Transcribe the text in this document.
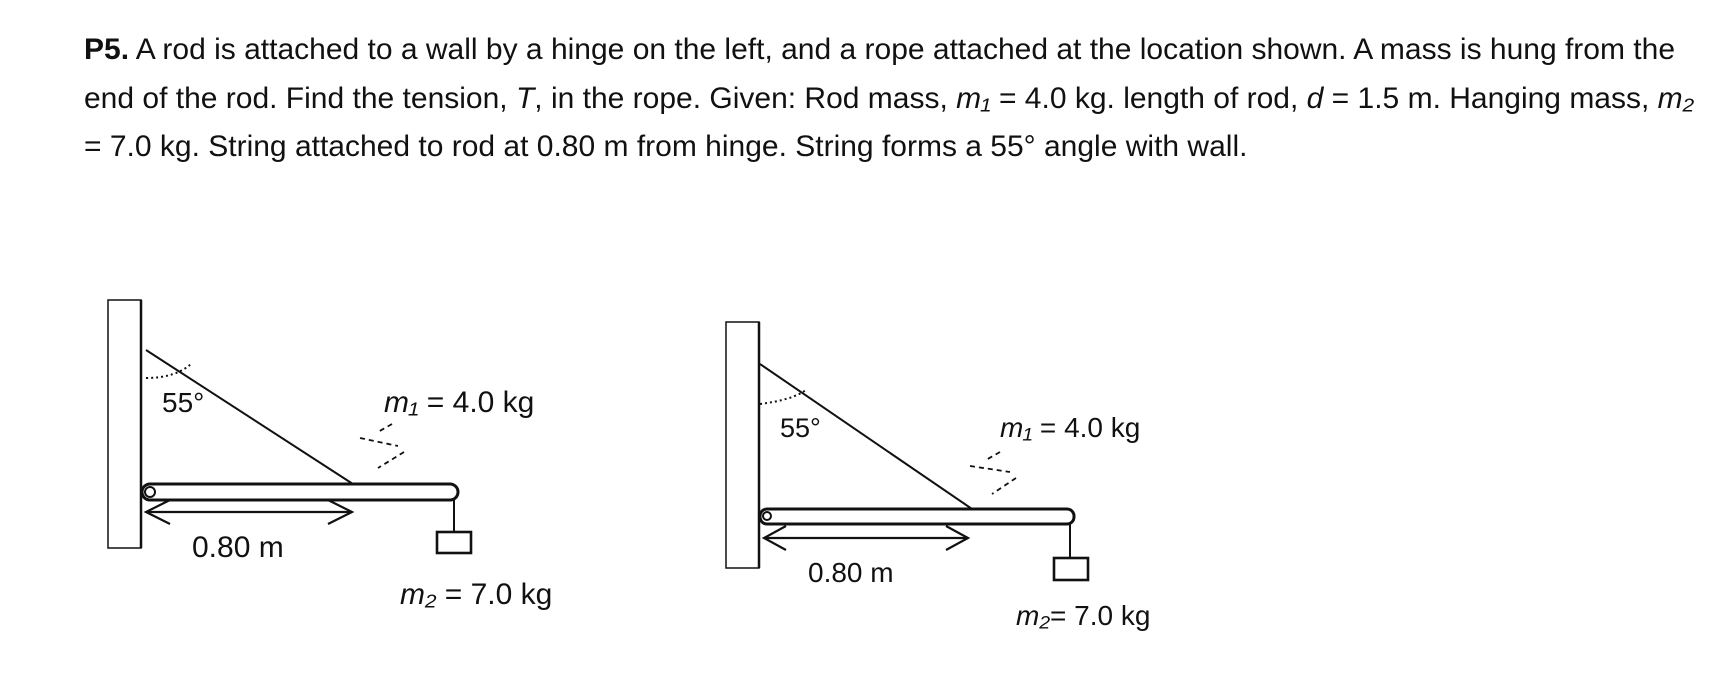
P5. A rod is attached to a wall by a hinge on the left, and a rope attached at the location shown. A mass is hung from the end of the rod. Find the tension, T, in the rope. Given: Rod mass, m₁ = 4.0 kg. length of rod, d = 1.5 m. Hanging mass, m₂ = 7.0 kg. String attached to rod at 0.80 m from hinge. String forms a 55° angle with wall.
55°	m₁ = 4.0 kg
0.80 m
m₂ = 7.0 kg
55°	m₁ = 4.0 kg
0.80 m
m₂= 7.0 kg
